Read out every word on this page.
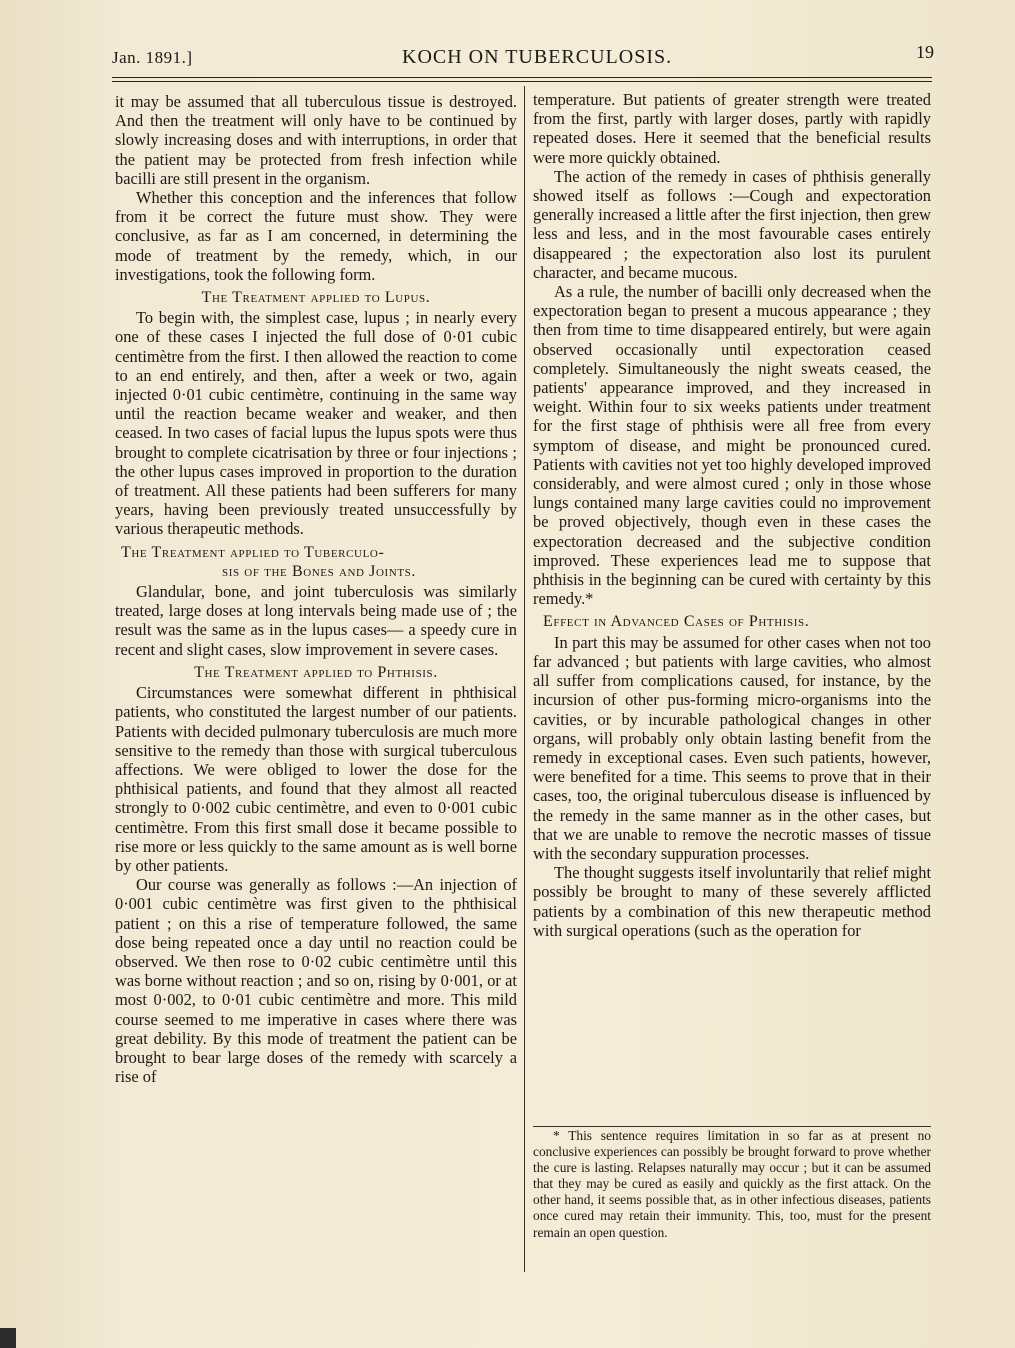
Jan. 1891.]	KOCH ON TUBERCULOSIS.	19

it may be assumed that all tuberculous tissue is destroyed. And then the treatment will only have to be continued by slowly increasing doses and with interruptions, in order that the patient may be protected from fresh infection while bacilli are still present in the organism.

Whether this conception and the inferences that follow from it be correct the future must show. They were conclusive, as far as I am concerned, in determining the mode of treatment by the remedy, which, in our investigations, took the following form.

The Treatment applied to Lupus.

To begin with, the simplest case, lupus ; in nearly every one of these cases I injected the full dose of 0·01 cubic centimètre from the first. I then allowed the reaction to come to an end entirely, and then, after a week or two, again injected 0·01 cubic centimètre, continuing in the same way until the reaction became weaker and weaker, and then ceased. In two cases of facial lupus the lupus spots were thus brought to complete cicatrisation by three or four injections ; the other lupus cases improved in proportion to the duration of treatment. All these patients had been sufferers for many years, having been previously treated unsuccessfully by various therapeutic methods.

The Treatment applied to Tuberculo-
sis of the Bones and Joints.

Glandular, bone, and joint tuberculosis was similarly treated, large doses at long intervals being made use of ; the result was the same as in the lupus cases— a speedy cure in recent and slight cases, slow improvement in severe cases.

The Treatment applied to Phthisis.

Circumstances were somewhat different in phthisical patients, who constituted the largest number of our patients. Patients with decided pulmonary tuberculosis are much more sensitive to the remedy than those with surgical tuberculous affections. We were obliged to lower the dose for the phthisical patients, and found that they almost all reacted strongly to 0·002 cubic centimètre, and even to 0·001 cubic centimètre. From this first small dose it became possible to rise more or less quickly to the same amount as is well borne by other patients.

Our course was generally as follows :—An injection of 0·001 cubic centimètre was first given to the phthisical patient ; on this a rise of temperature followed, the same dose being repeated once a day until no reaction could be observed. We then rose to 0·02 cubic centimètre until this was borne without reaction ; and so on, rising by 0·001, or at most 0·002, to 0·01 cubic centimètre and more. This mild course seemed to me imperative in cases where there was great debility. By this mode of treatment the patient can be brought to bear large doses of the remedy with scarcely a rise of

temperature. But patients of greater strength were treated from the first, partly with larger doses, partly with rapidly repeated doses. Here it seemed that the beneficial results were more quickly obtained.

The action of the remedy in cases of phthisis generally showed itself as follows :—Cough and expectoration generally increased a little after the first injection, then grew less and less, and in the most favourable cases entirely disappeared ; the expectoration also lost its purulent character, and became mucous.

As a rule, the number of bacilli only decreased when the expectoration began to present a mucous appearance ; they then from time to time disappeared entirely, but were again observed occasionally until expectoration ceased completely. Simultaneously the night sweats ceased, the patients' appearance improved, and they increased in weight. Within four to six weeks patients under treatment for the first stage of phthisis were all free from every symptom of disease, and might be pronounced cured. Patients with cavities not yet too highly developed improved considerably, and were almost cured ; only in those whose lungs contained many large cavities could no improvement be proved objectively, though even in these cases the expectoration decreased and the subjective condition improved. These experiences lead me to suppose that phthisis in the beginning can be cured with certainty by this remedy.*

Effect in Advanced Cases of Phthisis.

In part this may be assumed for other cases when not too far advanced ; but patients with large cavities, who almost all suffer from complications caused, for instance, by the incursion of other pus-forming micro-organisms into the cavities, or by incurable pathological changes in other organs, will probably only obtain lasting benefit from the remedy in exceptional cases. Even such patients, however, were benefited for a time. This seems to prove that in their cases, too, the original tuberculous disease is influenced by the remedy in the same manner as in the other cases, but that we are unable to remove the necrotic masses of tissue with the secondary suppuration processes.

The thought suggests itself involuntarily that relief might possibly be brought to many of these severely afflicted patients by a combination of this new therapeutic method with surgical operations (such as the operation for

* This sentence requires limitation in so far as at present no conclusive experiences can possibly be brought forward to prove whether the cure is lasting. Relapses naturally may occur ; but it can be assumed that they may be cured as easily and quickly as the first attack. On the other hand, it seems possible that, as in other infectious diseases, patients once cured may retain their immunity. This, too, must for the present remain an open question.
